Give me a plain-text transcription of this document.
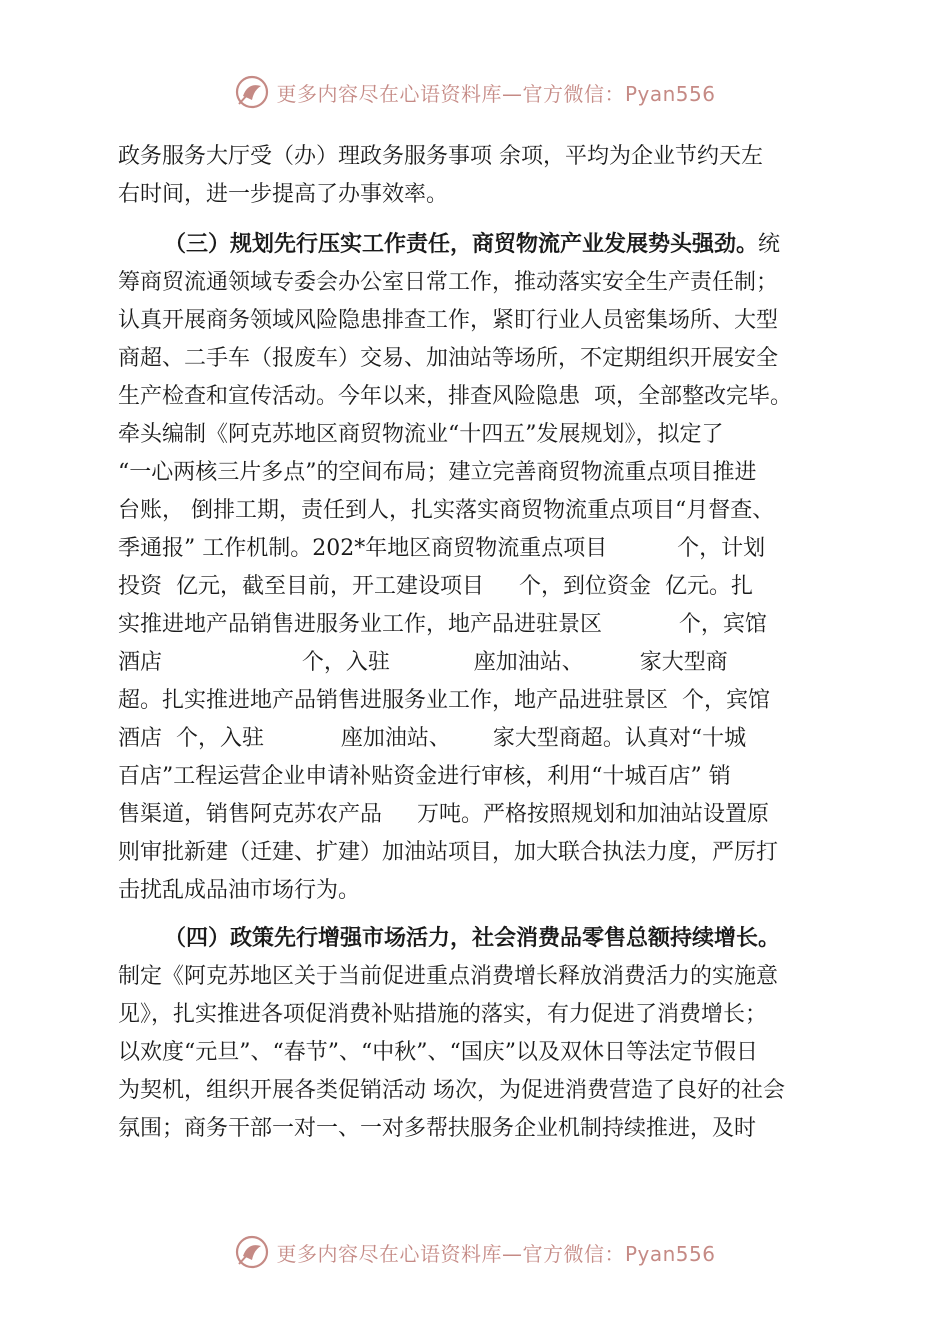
更多内容尽在心语资料库—官方微信：Pyan556
政务服务大厅受（办）理政务服务事项 余项，平均为企业节约天左
右时间，进一步提高了办事效率。
（三）规划先行压实工作责任，商贸物流产业发展势头强劲。统
筹商贸流通领域专委会办公室日常工作，推动落实安全生产责任制；
认真开展商务领域风险隐患排查工作，紧盯行业人员密集场所、大型
商超、二手车（报废车）交易、加油站等场所，不定期组织开展安全
生产检查和宣传活动。今年以来，排查风险隐患  项，全部整改完毕。
牵头编制《阿克苏地区商贸物流业“十四五”发展规划》，拟定了
“一心两核三片多点”的空间布局；建立完善商贸物流重点项目推进
台账， 倒排工期，责任到人，扎实落实商贸物流重点项目“月督查、
季通报” 工作机制。202*年地区商贸物流重点项目          个，计划
投资  亿元，截至目前，开工建设项目     个，到位资金  亿元。扎
实推进地产品销售进服务业工作，地产品进驻景区           个，宾馆
酒店                    个，入驻            座加油站、        家大型商
超。扎实推进地产品销售进服务业工作，地产品进驻景区  个，宾馆
酒店  个，入驻           座加油站、      家大型商超。认真对“十城
百店”工程运营企业申请补贴资金进行审核，利用“十城百店” 销
售渠道，销售阿克苏农产品     万吨。严格按照规划和加油站设置原
则审批新建（迁建、扩建）加油站项目，加大联合执法力度，严厉打
击扰乱成品油市场行为。
（四）政策先行增强市场活力，社会消费品零售总额持续增长。
制定《阿克苏地区关于当前促进重点消费增长释放消费活力的实施意
见》，扎实推进各项促消费补贴措施的落实，有力促进了消费增长；
以欢度“元旦”、“春节”、“中秋”、“国庆”以及双休日等法定节假日
为契机，组织开展各类促销活动 场次，为促进消费营造了良好的社会
氛围；商务干部一对一、一对多帮扶服务企业机制持续推进，及时
更多内容尽在心语资料库—官方微信：Pyan556
